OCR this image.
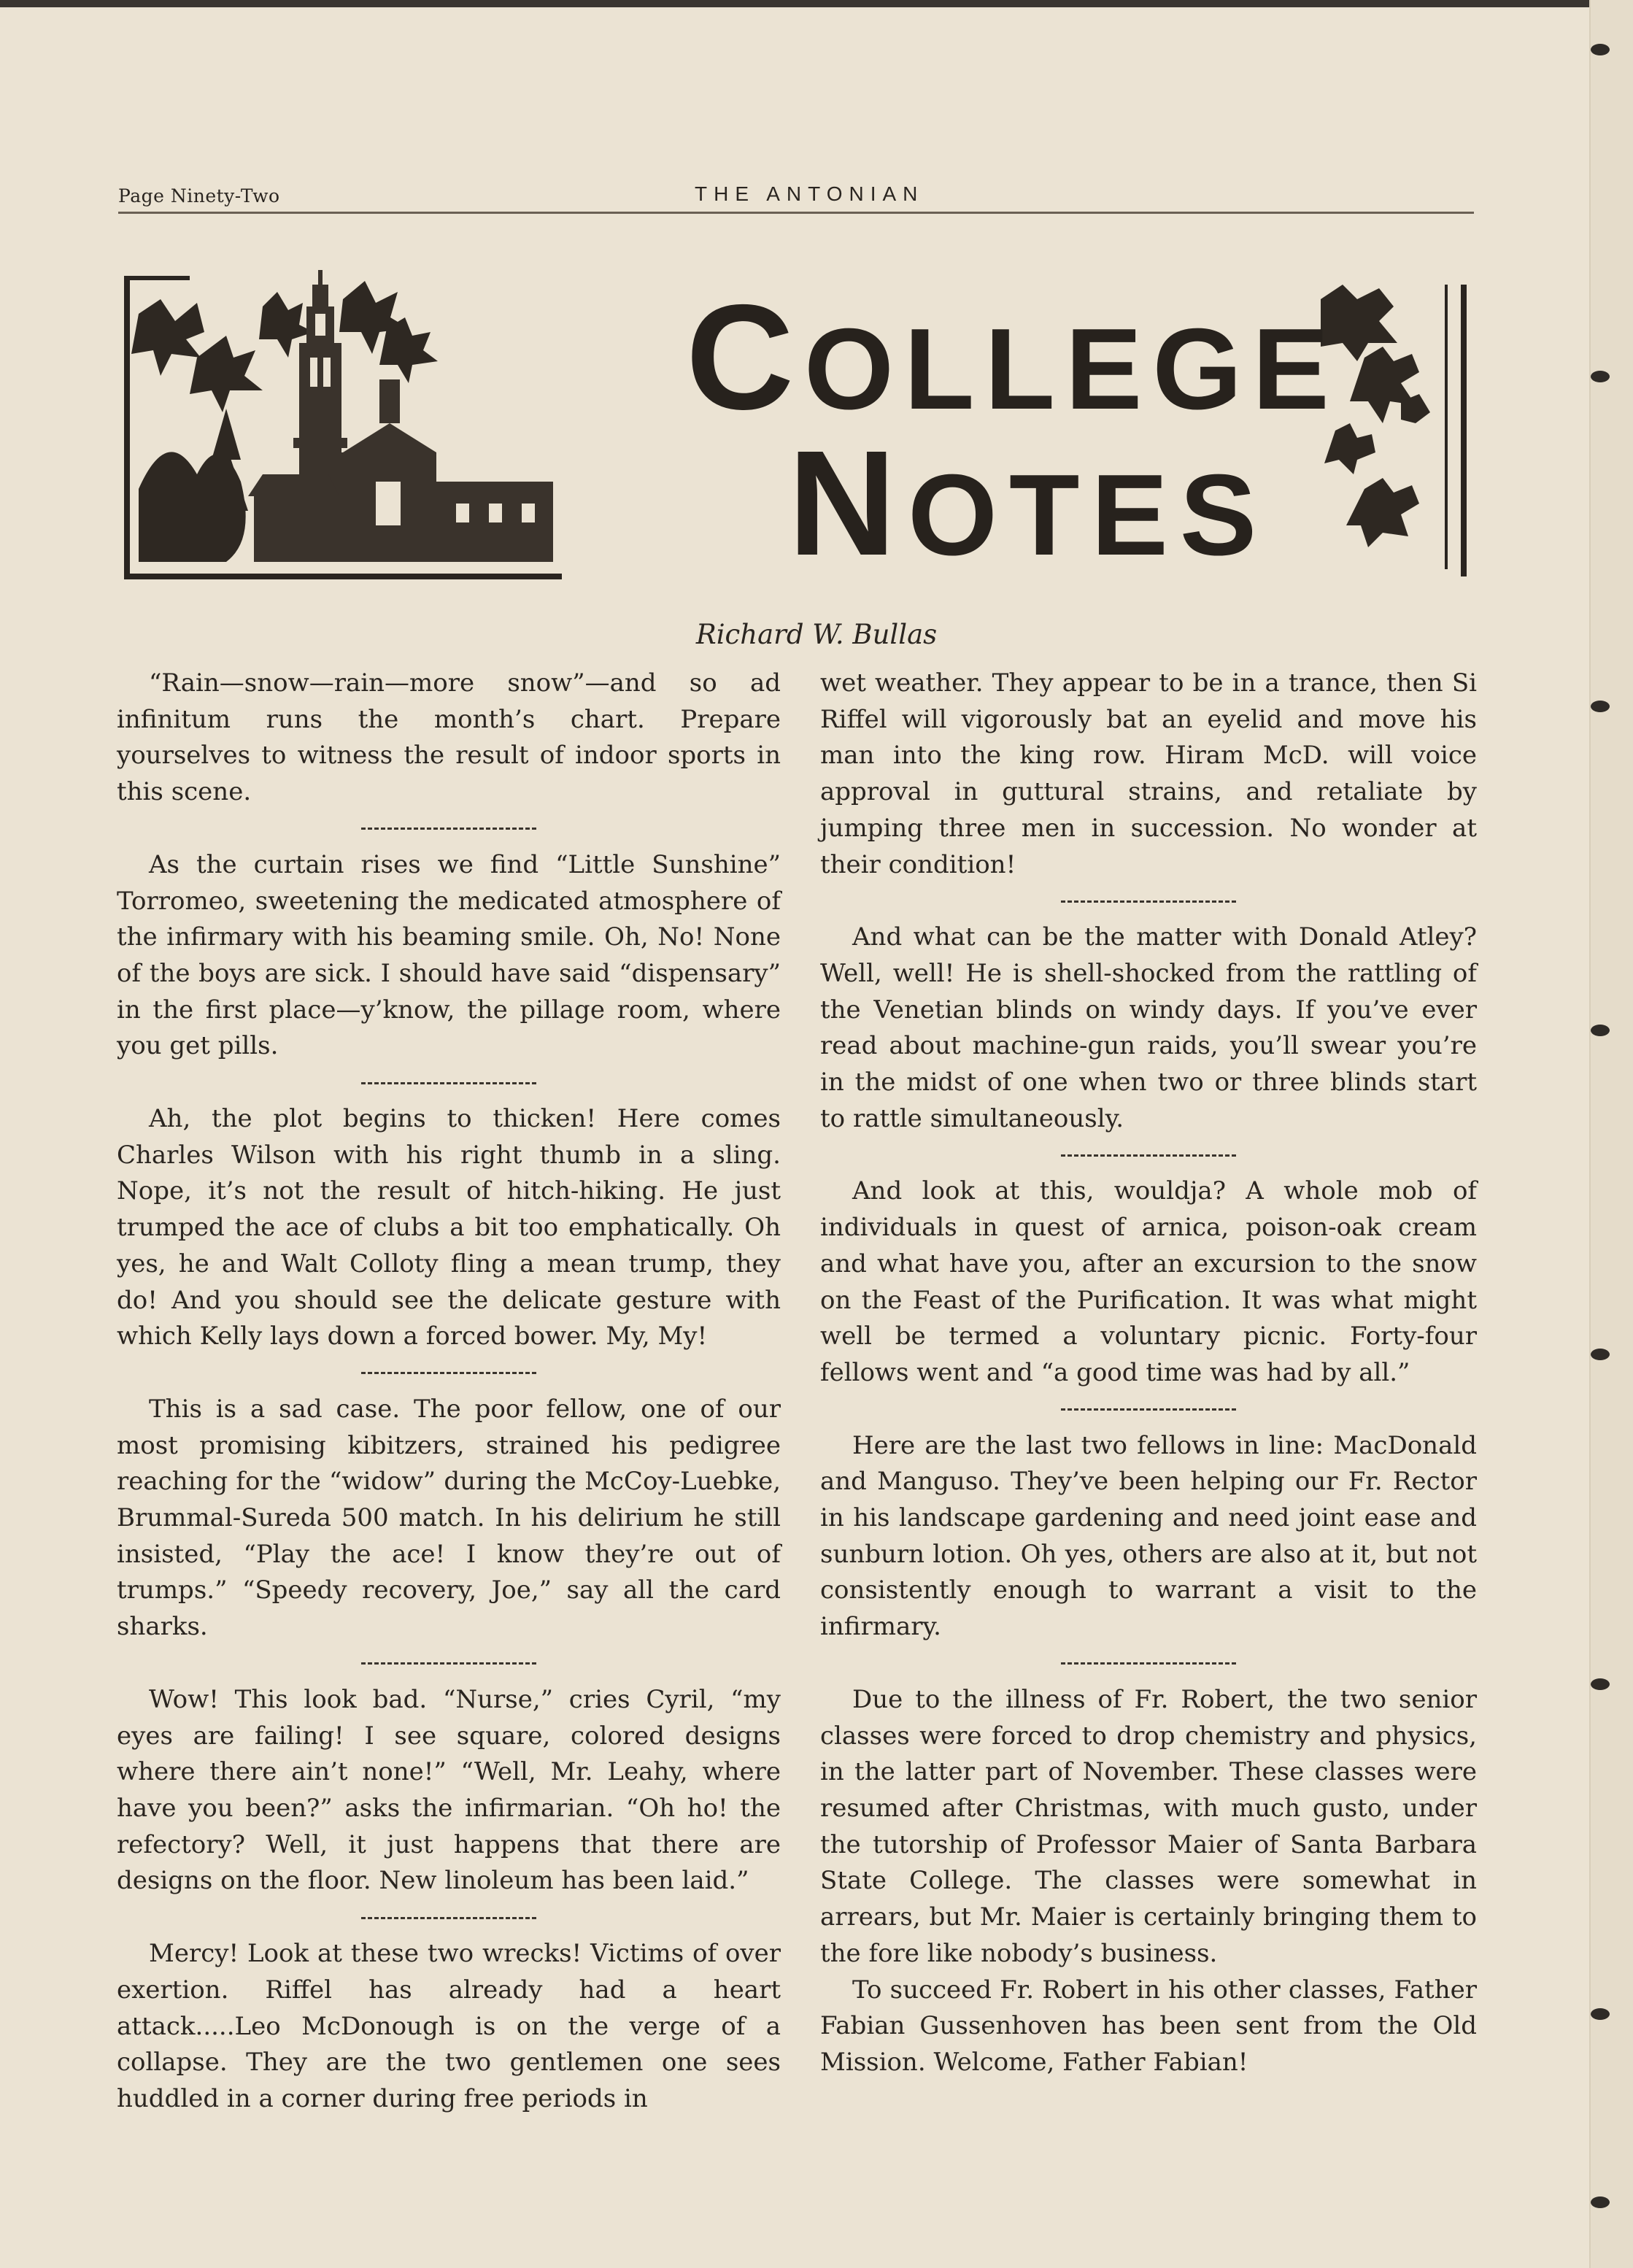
Page Ninety-Two	THE ANTONIAN
COLLEGE
NOTES
Richard W. Bullas

“Rain—snow—rain—more snow”—and so ad infinitum runs the month’s chart. Prepare yourselves to witness the result of indoor sports in this scene.

As the curtain rises we find “Little Sunshine” Torromeo, sweetening the medicated atmosphere of the infirmary with his beaming smile. Oh, No! None of the boys are sick. I should have said “dispensary” in the first place—y’know, the pillage room, where you get pills.

Ah, the plot begins to thicken! Here comes Charles Wilson with his right thumb in a sling. Nope, it’s not the result of hitch-hiking. He just trumped the ace of clubs a bit too emphatically. Oh yes, he and Walt Colloty fling a mean trump, they do! And you should see the delicate gesture with which Kelly lays down a forced bower. My, My!

This is a sad case. The poor fellow, one of our most promising kibitzers, strained his pedigree reaching for the “widow” during the McCoy-Luebke, Brummal-Sureda 500 match. In his delirium he still insisted, “Play the ace! I know they’re out of trumps.” “Speedy recovery, Joe,” say all the card sharks.

Wow! This look bad. “Nurse,” cries Cyril, “my eyes are failing! I see square, colored designs where there ain’t none!” “Well, Mr. Leahy, where have you been?” asks the infirmarian. “Oh ho! the refectory? Well, it just happens that there are designs on the floor. New linoleum has been laid.”

Mercy! Look at these two wrecks! Victims of over exertion. Riffel has already had a heart attack.....Leo McDonough is on the verge of a collapse. They are the two gentlemen one sees huddled in a corner during free periods in

wet weather. They appear to be in a trance, then Si Riffel will vigorously bat an eyelid and move his man into the king row. Hiram McD. will voice approval in guttural strains, and retaliate by jumping three men in succession. No wonder at their condition!

And what can be the matter with Donald Atley? Well, well! He is shell-shocked from the rattling of the Venetian blinds on windy days. If you’ve ever read about machine-gun raids, you’ll swear you’re in the midst of one when two or three blinds start to rattle simultaneously.

And look at this, wouldja? A whole mob of individuals in quest of arnica, poison-oak cream and what have you, after an excursion to the snow on the Feast of the Purification. It was what might well be termed a voluntary picnic. Forty-four fellows went and “a good time was had by all.”

Here are the last two fellows in line: MacDonald and Manguso. They’ve been helping our Fr. Rector in his landscape gardening and need joint ease and sunburn lotion. Oh yes, others are also at it, but not consistently enough to warrant a visit to the infirmary.

Due to the illness of Fr. Robert, the two senior classes were forced to drop chemistry and physics, in the latter part of November. These classes were resumed after Christmas, with much gusto, under the tutorship of Professor Maier of Santa Barbara State College. The classes were somewhat in arrears, but Mr. Maier is certainly bringing them to the fore like nobody’s business.

To succeed Fr. Robert in his other classes, Father Fabian Gussenhoven has been sent from the Old Mission. Welcome, Father Fabian!
